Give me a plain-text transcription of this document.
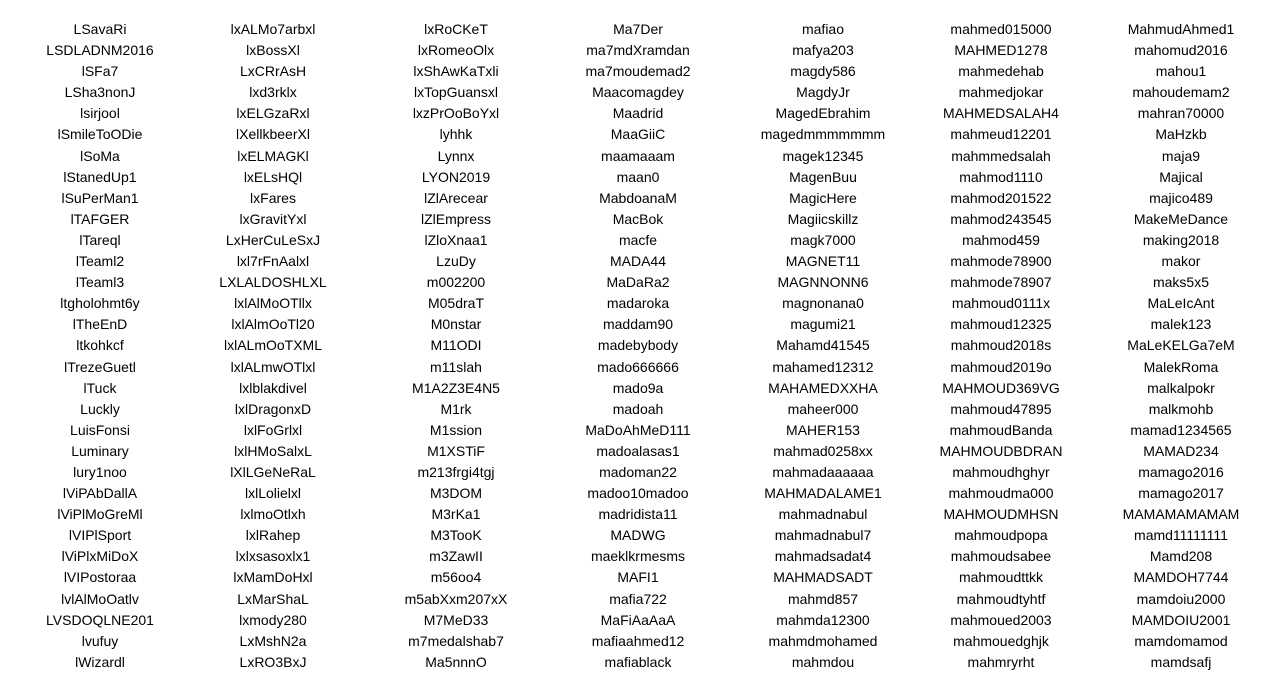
LSavaRi
LSDLADNM2016
lSFa7
LSha3nonJ
lsirjool
lSmileToODie
lSoMa
lStanedUp1
lSuPerMan1
lTAFGER
lTareql
lTeaml2
lTeaml3
ltgholohmt6y
lTheEnD
ltkohkcf
lTrezeGuetl
lTuck
Luckly
LuisFonsi
Luminary
lury1noo
lViPAbDallA
lViPlMoGreMl
lVIPlSport
lViPlxMiDoX
lVIPostoraa
lvlAlMoOatlv
LVSDOQLNE201
lvufuy
lWizardl
lxALMo7arbxl
lxBossXl
LxCRrAsH
lxd3rklx
lxELGzaRxl
lXellkbeerXl
lxELMAGKl
lxELsHQl
lxFares
lxGravitYxl
LxHerCuLeSxJ
lxl7rFnAalxl
LXLALDOSHLXL
lxlAlMoOTllx
lxlAlmOoTl20
lxlALmOoTXML
lxlALmwOTlxl
lxlblakdivel
lxlDragonxD
lxlFoGrlxl
lxlHMoSalxL
lXlLGeNeRaL
lxlLolielxl
lxlmoOtlxh
lxlRahep
lxlxsasoxlx1
lxMamDoHxl
LxMarShaL
lxmody280
LxMshN2a
LxRO3BxJ
lxRoCKeT
lxRomeoOlx
lxShAwKaTxli
lxTopGuansxl
lxzPrOoBoYxl
lyhhk
Lynnx
LYON2019
lZlArecear
lZlEmpress
lZloXnaa1
LzuDy
m002200
M05draT
M0nstar
M11ODI
m11slah
M1A2Z3E4N5
M1rk
M1ssion
M1XSTiF
m213frgi4tgj
M3DOM
M3rKa1
M3TooK
m3ZawII
m56oo4
m5abXxm207xX
M7MeD33
m7medalshab7
Ma5nnnO
Ma7Der
ma7mdXramdan
ma7moudemad2
Maacomagdey
Maadrid
MaaGiiC
maamaaam
maan0
MabdoanaM
MacBok
macfe
MADA44
MaDaRa2
madaroka
maddam90
madebybody
mado666666
mado9a
madoah
MaDoAhMeD111
madoalasas1
madoman22
madoo10madoo
madridista11
MADWG
maeklkrmesms
MAFI1
mafia722
MaFiAaAaA
mafiaahmed12
mafiablack
mafiao
mafya203
magdy586
MagdyJr
MagedEbrahim
magedmmmmmmm
magek12345
MagenBuu
MagicHere
Magiicskillz
magk7000
MAGNET11
MAGNNONN6
magnonana0
magumi21
Mahamd41545
mahamed12312
MAHAMEDXXHA
maheer000
MAHER153
mahmad0258xx
mahmadaaaaaa
MAHMADALAME1
mahmadnabul
mahmadnabul7
mahmadsadat4
MAHMADSADT
mahmd857
mahmda12300
mahmdmohamed
mahmdou
mahmed015000
MAHMED1278
mahmedehab
mahmedjokar
MAHMEDSALAH4
mahmeud12201
mahmmedsalah
mahmod1110
mahmod201522
mahmod243545
mahmod459
mahmode78900
mahmode78907
mahmoud0111x
mahmoud12325
mahmoud2018s
mahmoud2019o
MAHMOUD369VG
mahmoud47895
mahmoudBanda
MAHMOUDBDRAN
mahmoudhghyr
mahmoudma000
MAHMOUDMHSN
mahmoudpopa
mahmoudsabee
mahmoudttkk
mahmoudtyhtf
mahmoued2003
mahmouedghjk
mahmryrht
MahmudAhmed1
mahomud2016
mahou1
mahoudemam2
mahran70000
MaHzkb
maja9
Majical
majico489
MakeMeDance
making2018
makor
maks5x5
MaLeIcAnt
malek123
MaLeKELGa7eM
MalekRoma
malkalpokr
malkmohb
mamad1234565
MAMAD234
mamago2016
mamago2017
MAMAMAMAMAM
mamd11111111
Mamd208
MAMDOH7744
mamdoiu2000
MAMDOIU2001
mamdomamod
mamdsafj
